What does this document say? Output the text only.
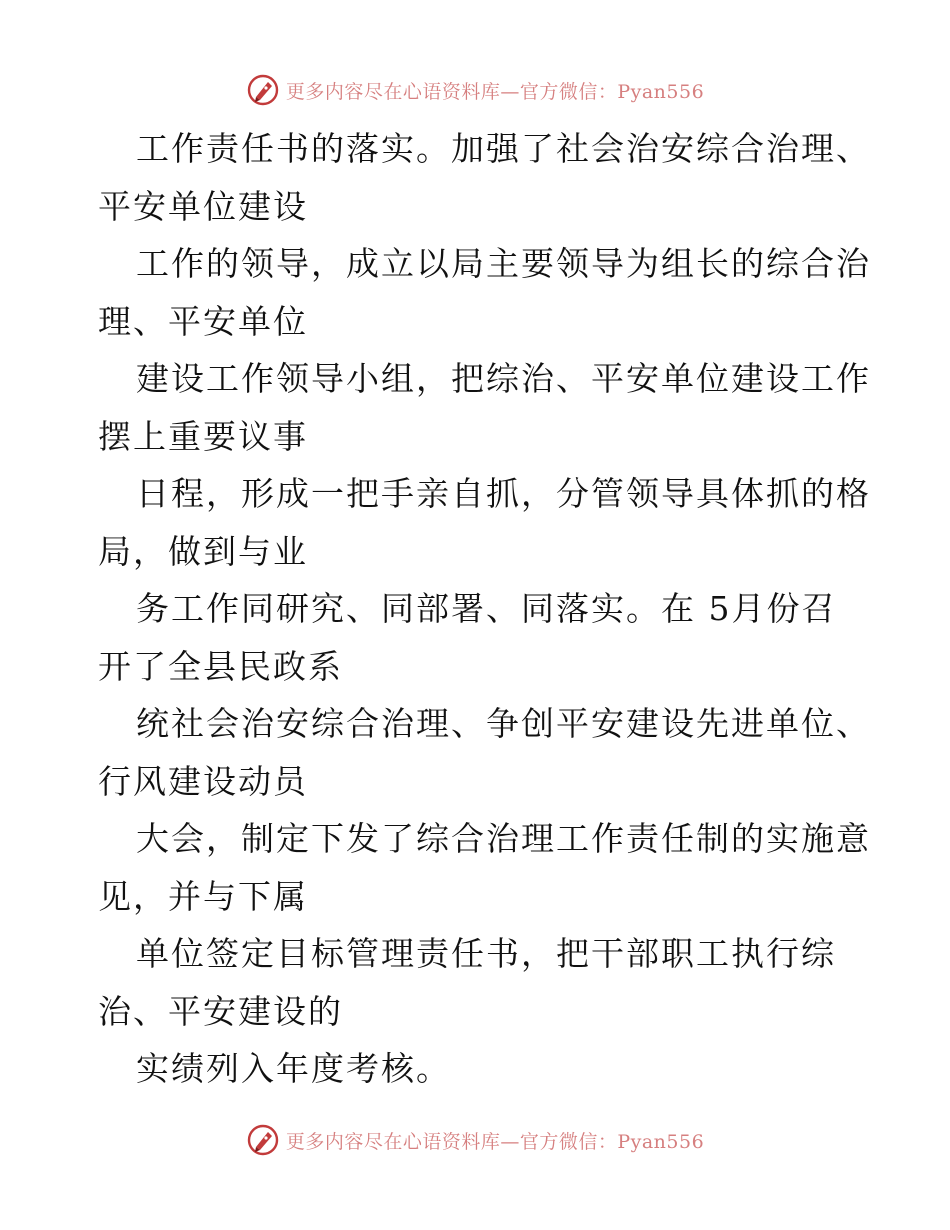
更多内容尽在心语资料库—官方微信：Pyan556
工作责任书的落实。加强了社会治安综合治理、
平安单位建设
工作的领导，成立以局主要领导为组长的综合治
理、平安单位
建设工作领导小组，把综治、平安单位建设工作
摆上重要议事
日程，形成一把手亲自抓，分管领导具体抓的格
局，做到与业
务工作同研究、同部署、同落实。在 5月份召
开了全县民政系
统社会治安综合治理、争创平安建设先进单位、
行风建设动员
大会，制定下发了综合治理工作责任制的实施意
见，并与下属
单位签定目标管理责任书，把干部职工执行综
治、平安建设的
实绩列入年度考核。
更多内容尽在心语资料库—官方微信：Pyan556
